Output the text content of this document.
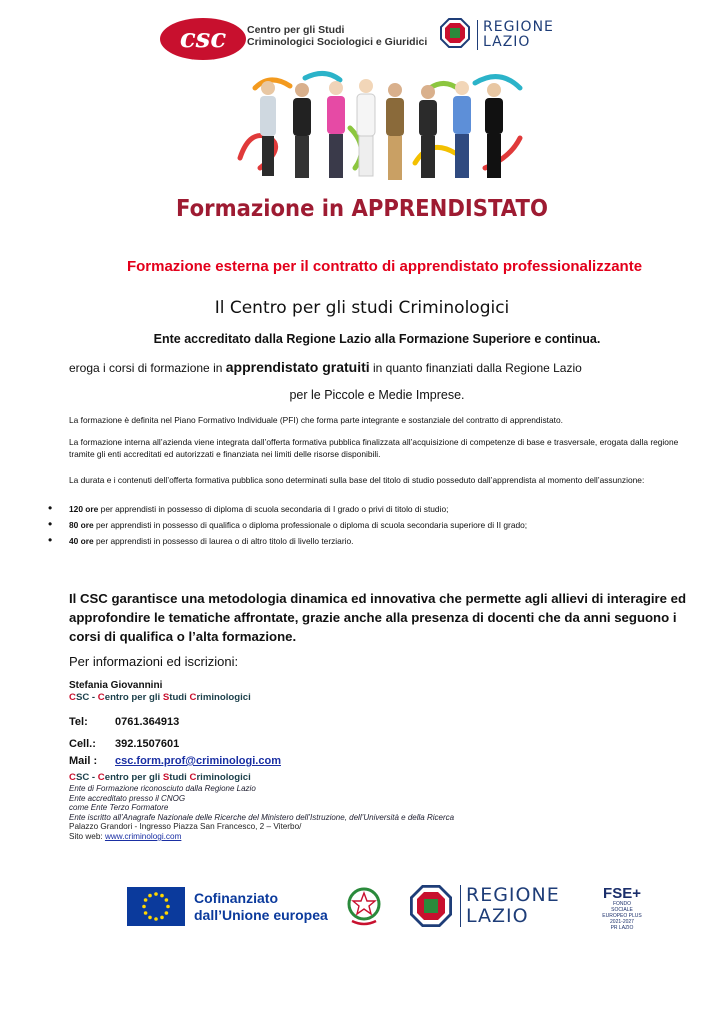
csc Centro per gli Studi
Criminologici Sociologici e Giuridici
REGIONE
LAZIO
Formazione in APPRENDISTATO
Formazione esterna per il contratto di apprendistato professionalizzante
Il Centro per gli studi Criminologici
Ente accreditato dalla Regione Lazio alla Formazione Superiore e continua.
eroga i corsi di formazione in apprendistato gratuiti in quanto finanziati dalla Regione Lazio
per le Piccole e Medie Imprese.
La formazione è definita nel Piano Formativo Individuale (PFI) che forma parte integrante e sostanziale del contratto di apprendistato.
La formazione interna all’azienda viene integrata dall’offerta formativa pubblica finalizzata all’acquisizione di competenze di base e trasversale, erogata dalla regione tramite gli enti accreditati ed autorizzati e finanziata nei limiti delle risorse disponibili.
La durata e i contenuti dell’offerta formativa pubblica sono determinati sulla base del titolo di studio posseduto dall’apprendista al momento dell’assunzione:
• 120 ore per apprendisti in possesso di diploma di scuola secondaria di I grado o privi di titolo di studio;
• 80 ore per apprendisti in possesso di qualifica o diploma professionale o diploma di scuola secondaria superiore di II grado;
• 40 ore per apprendisti in possesso di laurea o di altro titolo di livello terziario.
Il CSC garantisce una metodologia dinamica ed innovativa che permette agli allievi di interagire ed approfondire le tematiche affrontate, grazie anche alla presenza di docenti che da anni seguono i corsi di qualifica o l’alta formazione.
Per informazioni ed iscrizioni:
Stefania Giovannini
CSC - Centro per gli Studi Criminologici
Tel: 0761.364913
Cell.: 392.1507601
Mail : csc.form.prof@criminologi.com
CSC - Centro per gli Studi Criminologici
Ente di Formazione riconosciuto dalla Regione Lazio
Ente accreditato presso il CNOG
come Ente Terzo Formatore
Ente iscritto all’Anagrafe Nazionale delle Ricerche del Ministero dell’Istruzione, dell’Università e della Ricerca
Palazzo Grandori - Ingresso Piazza San Francesco, 2 – Viterbo/
Sito web: www.criminologi.com
Cofinanziato
dall’Unione europea
REGIONE
LAZIO
FSE+
FONDO SOCIALE
EUROPEO PLUS
2021-2027
PR LAZIO
